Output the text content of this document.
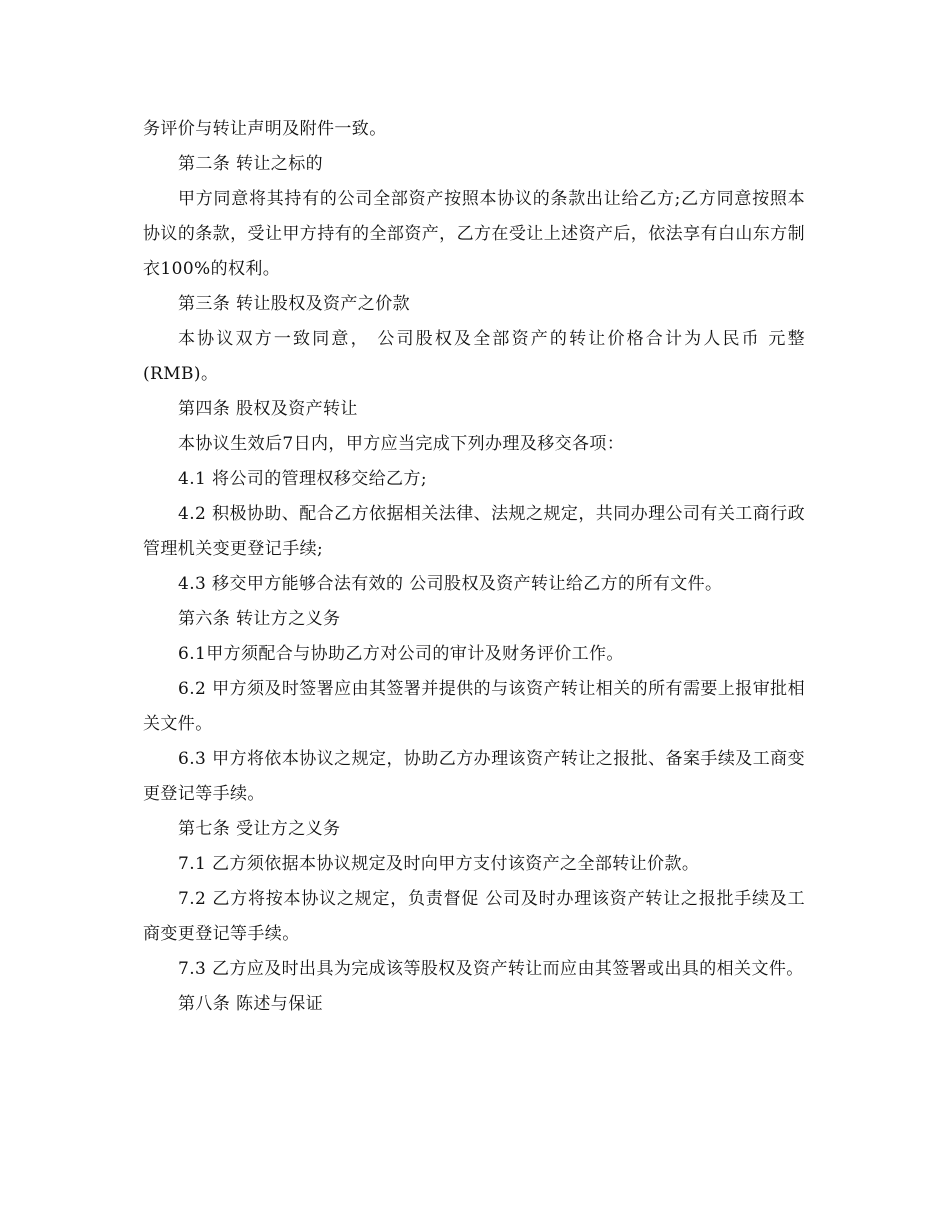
务评价与转让声明及附件一致。

第二条 转让之标的

甲方同意将其持有的公司全部资产按照本协议的条款出让给乙方;乙方同意按照本协议的条款，受让甲方持有的全部资产，乙方在受让上述资产后，依法享有白山东方制衣100%的权利。

第三条 转让股权及资产之价款

本协议双方一致同意， 公司股权及全部资产的转让价格合计为人民币 元整(RMB)。

第四条 股权及资产转让

本协议生效后7日内，甲方应当完成下列办理及移交各项：

4.1 将公司的管理权移交给乙方;

4.2 积极协助、配合乙方依据相关法律、法规之规定，共同办理公司有关工商行政管理机关变更登记手续;

4.3 移交甲方能够合法有效的 公司股权及资产转让给乙方的所有文件。

第六条 转让方之义务

6.1甲方须配合与协助乙方对公司的审计及财务评价工作。

6.2 甲方须及时签署应由其签署并提供的与该资产转让相关的所有需要上报审批相关文件。

6.3 甲方将依本协议之规定，协助乙方办理该资产转让之报批、备案手续及工商变更登记等手续。

第七条 受让方之义务

7.1 乙方须依据本协议规定及时向甲方支付该资产之全部转让价款。

7.2 乙方将按本协议之规定，负责督促 公司及时办理该资产转让之报批手续及工商变更登记等手续。

7.3 乙方应及时出具为完成该等股权及资产转让而应由其签署或出具的相关文件。

第八条 陈述与保证
